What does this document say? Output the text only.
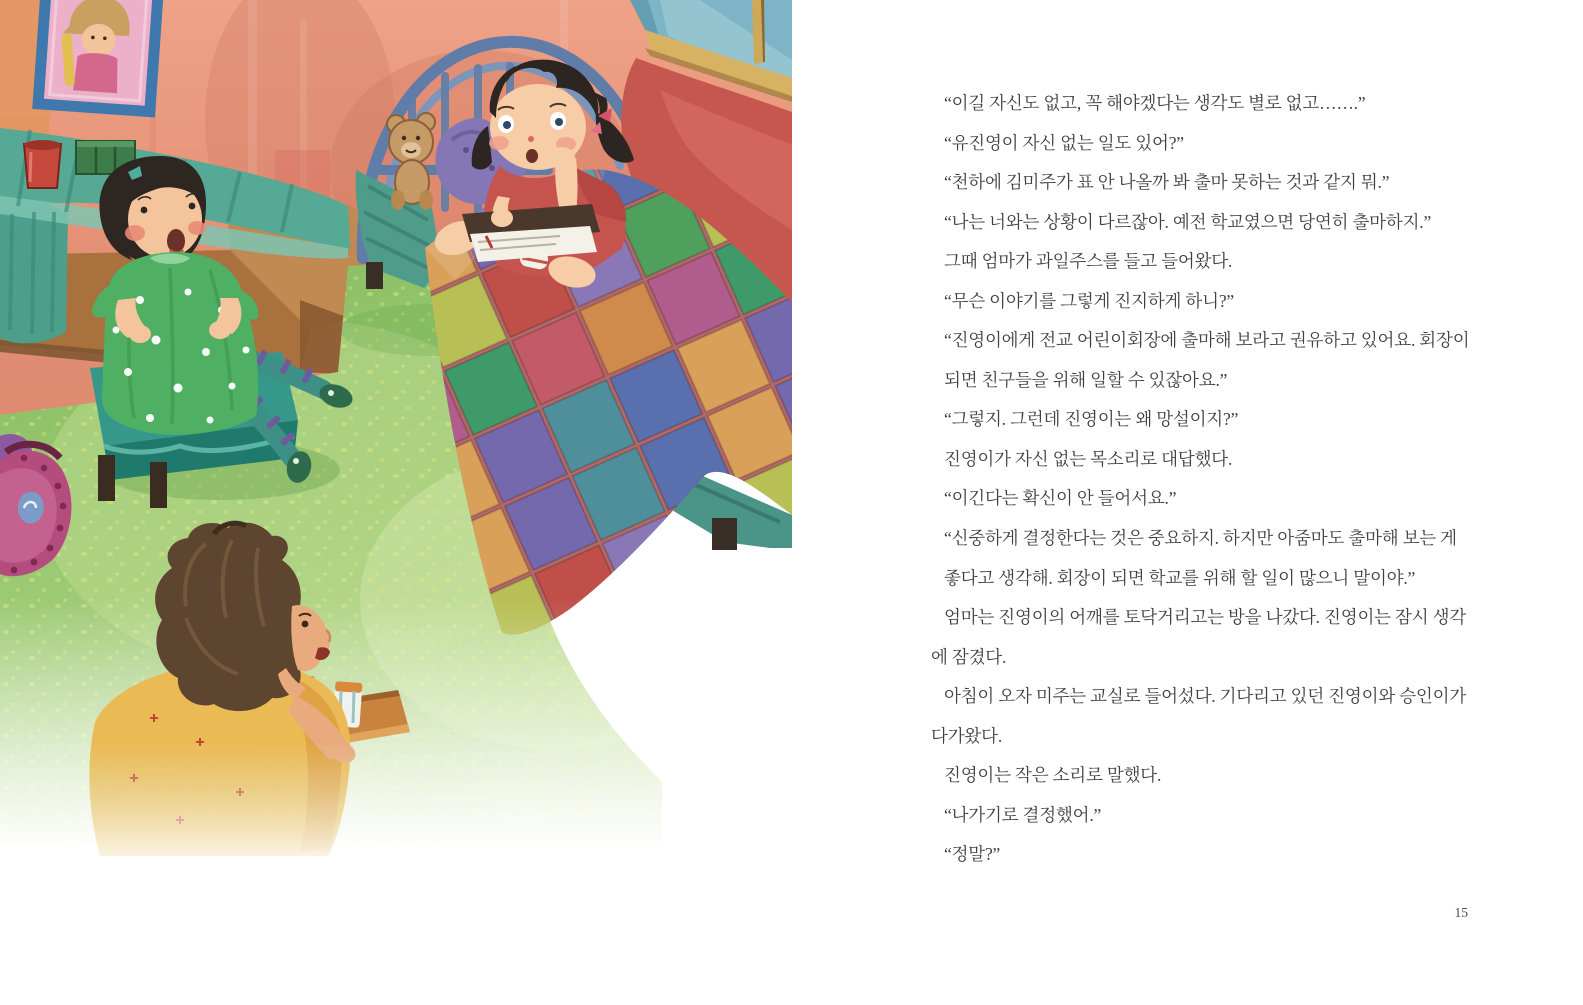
“이길 자신도 없고, 꼭 해야겠다는 생각도 별로 없고…….”
“유진영이 자신 없는 일도 있어?”
“천하에 김미주가 표 안 나올까 봐 출마 못하는 것과 같지 뭐.”
“나는 너와는 상황이 다르잖아. 예전 학교였으면 당연히 출마하지.”
그때 엄마가 과일주스를 들고 들어왔다.
“무슨 이야기를 그렇게 진지하게 하니?”
“진영이에게 전교 어린이회장에 출마해 보라고 권유하고 있어요. 회장이
되면 친구들을 위해 일할 수 있잖아요.”
“그렇지. 그런데 진영이는 왜 망설이지?”
진영이가 자신 없는 목소리로 대답했다.
“이긴다는 확신이 안 들어서요.”
“신중하게 결정한다는 것은 중요하지. 하지만 아줌마도 출마해 보는 게
좋다고 생각해. 회장이 되면 학교를 위해 할 일이 많으니 말이야.”
엄마는 진영이의 어깨를 토닥거리고는 방을 나갔다. 진영이는 잠시 생각
에 잠겼다.
아침이 오자 미주는 교실로 들어섰다. 기다리고 있던 진영이와 승인이가
다가왔다.
진영이는 작은 소리로 말했다.
“나가기로 결정했어.”
“정말?”
15
